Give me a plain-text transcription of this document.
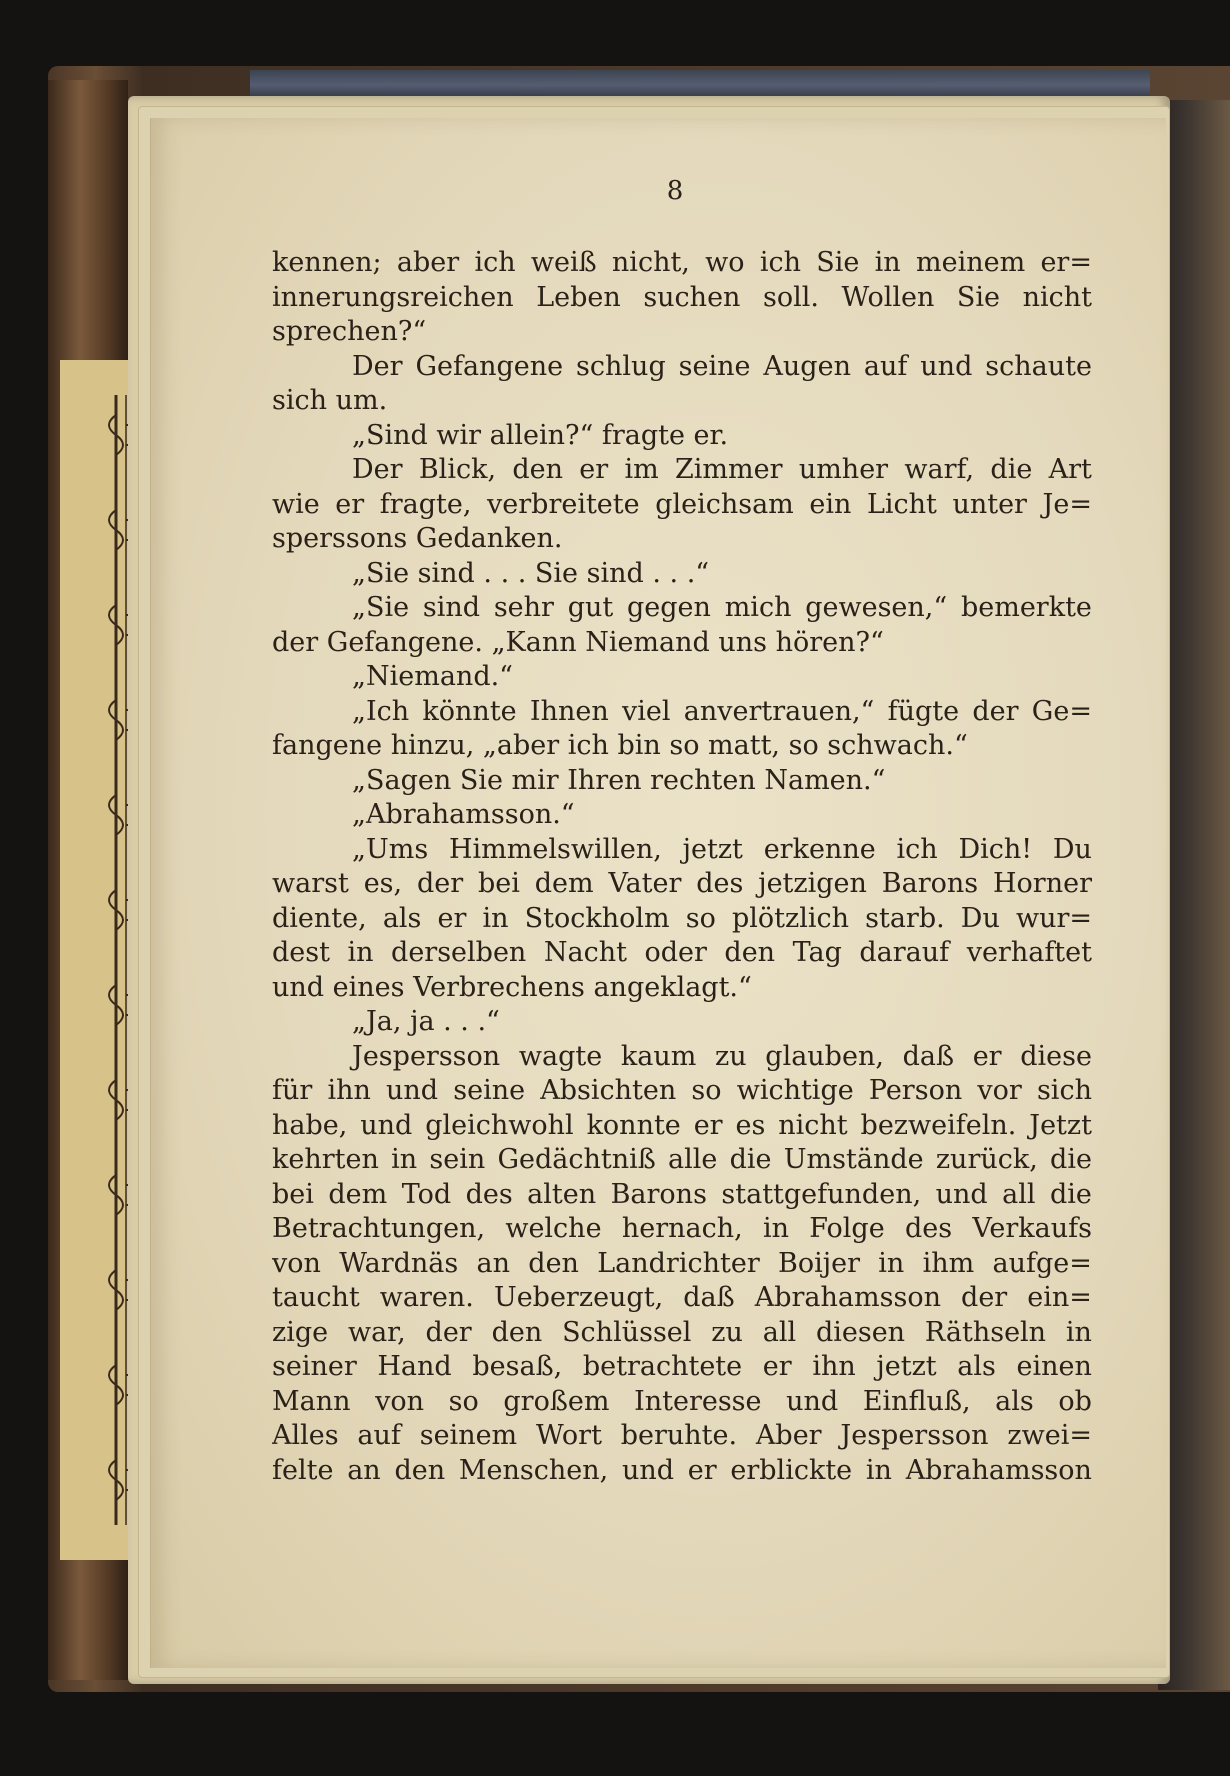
8
kennen; aber ich weiß nicht, wo ich Sie in meinem er=
innerungsreichen Leben suchen soll. Wollen Sie nicht
sprechen?“
Der Gefangene schlug seine Augen auf und schaute
sich um.
„Sind wir allein?“ fragte er.
Der Blick, den er im Zimmer umher warf, die Art
wie er fragte, verbreitete gleichsam ein Licht unter Je=
sperssons Gedanken.
„Sie sind . . . Sie sind . . .“
„Sie sind sehr gut gegen mich gewesen,“ bemerkte
der Gefangene. „Kann Niemand uns hören?“
„Niemand.“
„Ich könnte Ihnen viel anvertrauen,“ fügte der Ge=
fangene hinzu, „aber ich bin so matt, so schwach.“
„Sagen Sie mir Ihren rechten Namen.“
„Abrahamsson.“
„Ums Himmelswillen, jetzt erkenne ich Dich! Du
warst es, der bei dem Vater des jetzigen Barons Horner
diente, als er in Stockholm so plötzlich starb. Du wur=
dest in derselben Nacht oder den Tag darauf verhaftet
und eines Verbrechens angeklagt.“
„Ja, ja . . .“
Jespersson wagte kaum zu glauben, daß er diese
für ihn und seine Absichten so wichtige Person vor sich
habe, und gleichwohl konnte er es nicht bezweifeln. Jetzt
kehrten in sein Gedächtniß alle die Umstände zurück, die
bei dem Tod des alten Barons stattgefunden, und all die
Betrachtungen, welche hernach, in Folge des Verkaufs
von Wardnäs an den Landrichter Boijer in ihm aufge=
taucht waren. Ueberzeugt, daß Abrahamsson der ein=
zige war, der den Schlüssel zu all diesen Räthseln in
seiner Hand besaß, betrachtete er ihn jetzt als einen
Mann von so großem Interesse und Einfluß, als ob
Alles auf seinem Wort beruhte. Aber Jespersson zwei=
felte an den Menschen, und er erblickte in Abrahamsson
